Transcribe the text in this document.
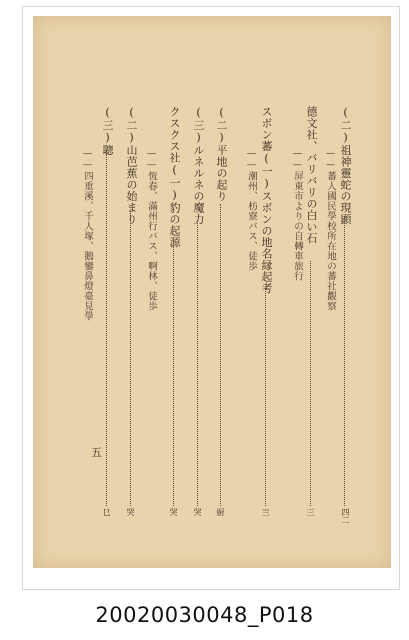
(二)祖神靈蛇の現顕
——蕃人國民學校所在地の蕃社觀察
四二
德文社、バリバリの白い石
——屏東市よりの自轉車旅行
三
スボン蕃(一)スボンの地名縁起考
——潮州、枋寮バス、徒歩
亖
(二)平地の起り
㕑
(三)ルネルネの魔力
哭
クスクス社(一)豹の起源
——恆春、滿州行バス、啊林、徒歩
哭
(二)山芭蕉の始まり
哭
(三)聰
——四重溪、千人塚、鵝鑾鼻燈臺見學
㔾
五
20020030048_P018
